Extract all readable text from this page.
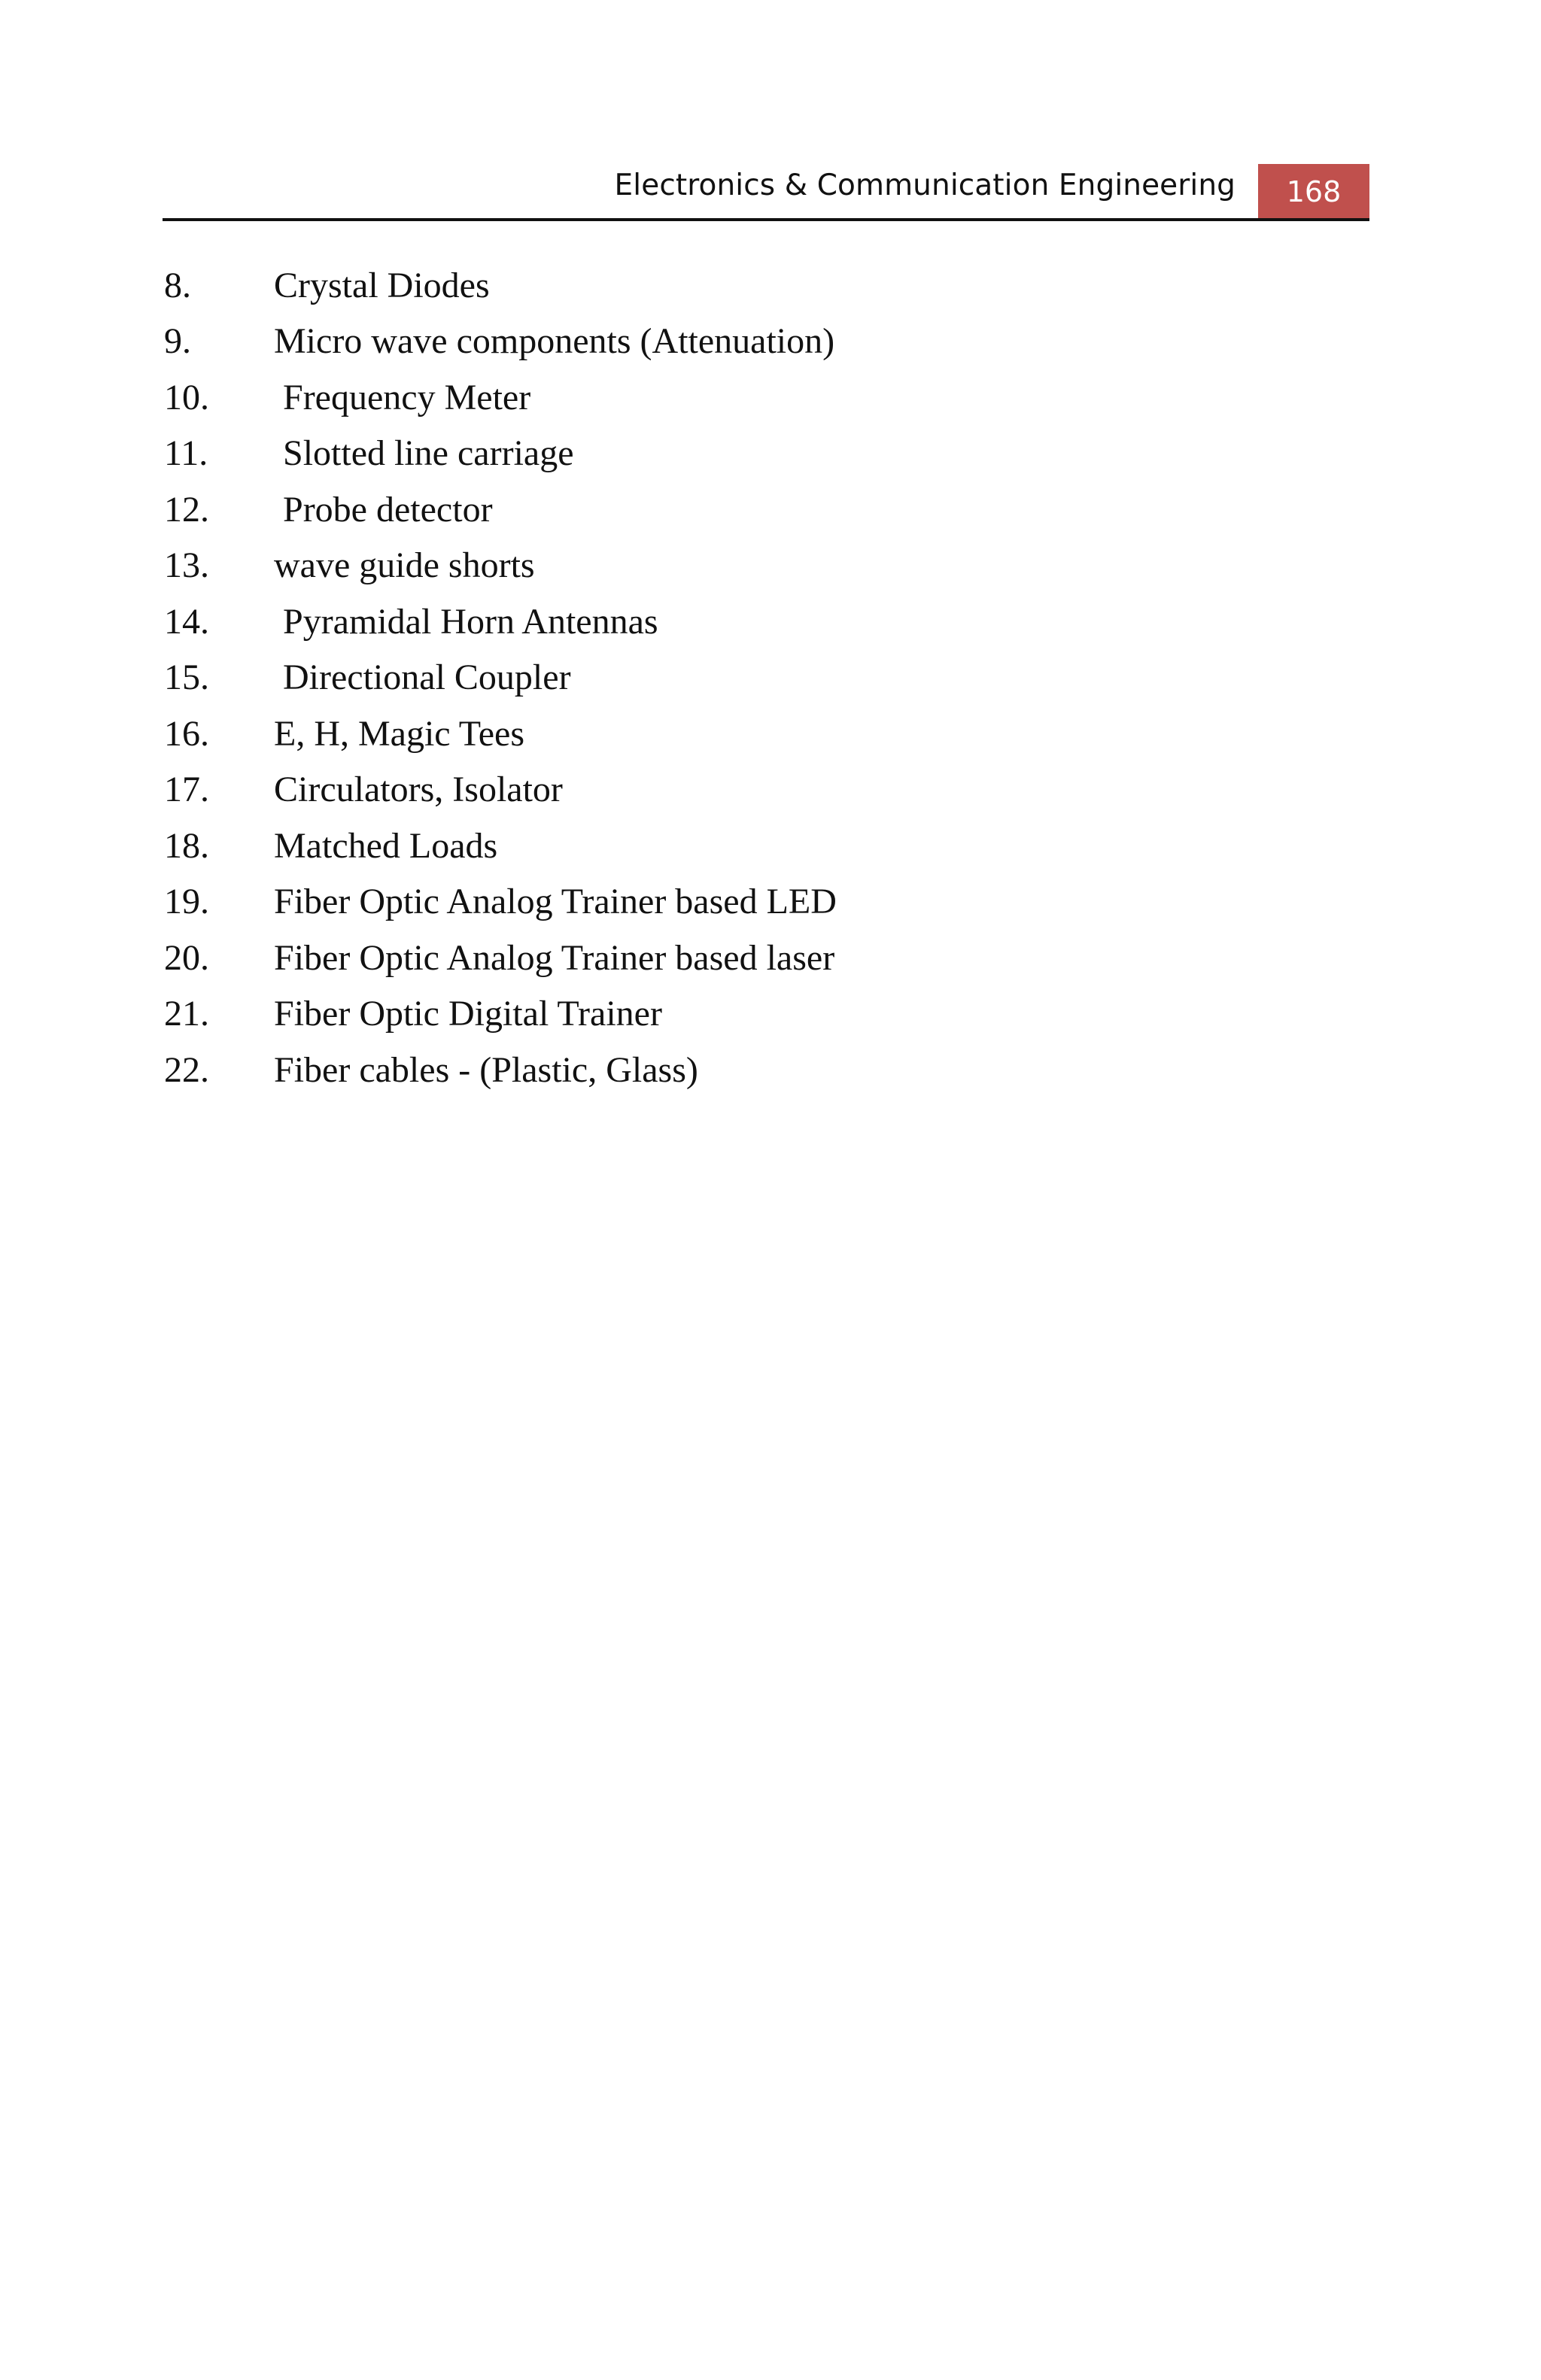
Electronics & Communication Engineering	168
8.	Crystal Diodes
9.	Micro wave components (Attenuation)
10.	Frequency Meter
11.	Slotted line carriage
12.	Probe detector
13.	wave guide shorts
14.	Pyramidal Horn Antennas
15.	Directional Coupler
16.	E, H, Magic Tees
17.	Circulators, Isolator
18.	Matched Loads
19.	Fiber Optic Analog Trainer based LED
20.	Fiber Optic Analog Trainer based laser
21.	Fiber Optic Digital Trainer
22.	Fiber cables - (Plastic, Glass)
